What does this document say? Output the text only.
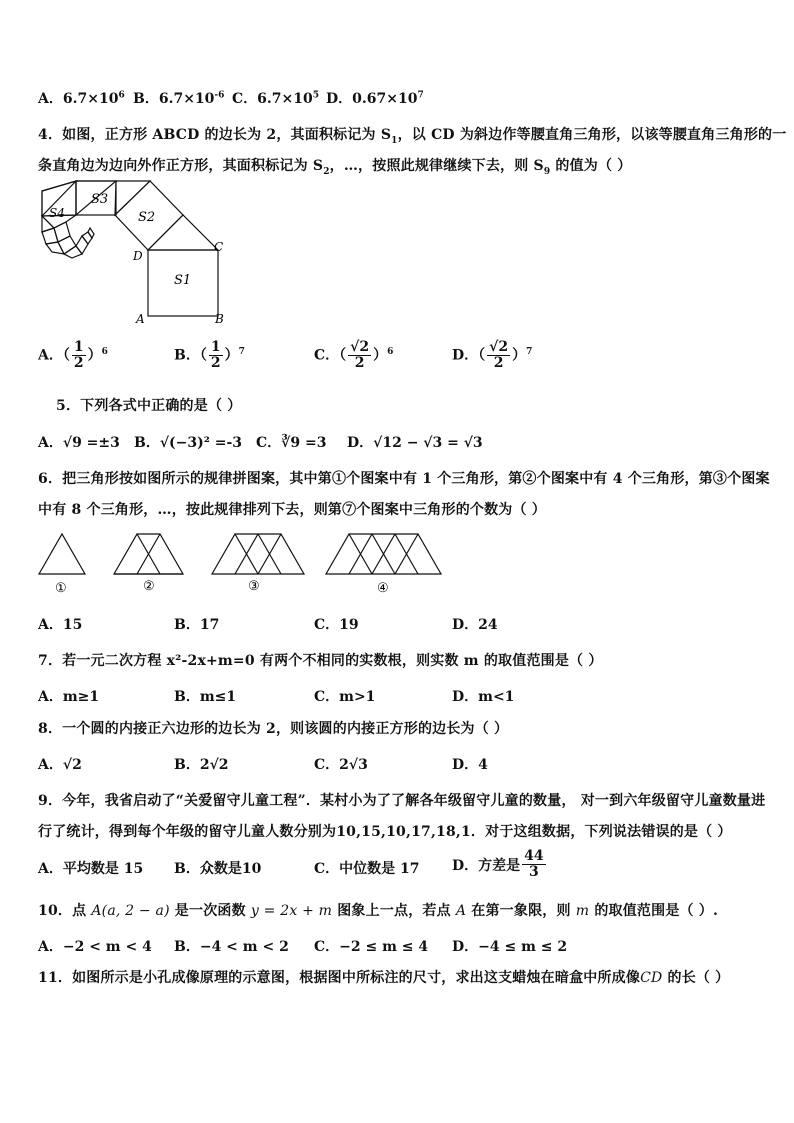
A．$6.7\times 10^6$ B．$6.7\times 10^{-6}$ C．$6.7\times 10^5$ D．$0.67\times 10^7$
4．如图，正方形 ABCD 的边长为 2，其面积标记为 $S_1$，以 CD 为斜边作等腰直角三角形，以该等腰直角三角形的一
条直角边为边向外作正方形，其面积标记为 $S_2$，…，按照此规律继续下去，则 $S_9$ 的值为（ ）
S3
S2
S4
S1
A	B
C
D
A．（ $\frac{1}{2} )^6$	B．（ $\frac{1}{2} )^7$	C．（ $\frac{√2}{2} )^6$	D．（ $\frac{√2}{2} )^7$
5．下列各式中正确的是（ ）
A．√9 =±3 B．√(−3)² =-3 C．∛9 =3 D．√12 − √3 = √3
6．把三角形按如图所示的规律拼图案，其中第①个图案中有 1 个三角形，第②个图案中有 4 个三角形，第③个图案
中有 8 个三角形，…，按此规律排列下去，则第⑦个图案中三角形的个数为（ ）
①	②	③	④
A．15	B．17	C．19	D．24
7．若一元二次方程 x²-2x+m=0 有两个不相同的实数根，则实数 m 的取值范围是（ ）
A．m≥1	B．m≤1	C．m>1	D．m<1
8．一个圆的内接正六边形的边长为 2，则该圆的内接正方形的边长为（ ）
A．√2	B．2√2	C．2√3	D．4
9．今年，我省启动了“关爱留守儿童工程”．某村小为了了解各年级留守儿童的数量， 对一到六年级留守儿童数量进
行了统计，得到每个年级的留守儿童人数分别为10,15,10,17,18,1．对于这组数据，下列说法错误的是（ ）
A．平均数是 15 B．众数是10	C．中位数是 17 D．方差是 $\frac{44}{3}$
10．点 A(a, 2 − a) 是一次函数 y = 2x + m 图象上一点，若点 A 在第一象限，则 m 的取值范围是（ ）.
A．−2 < m < 4 B．−4 < m < 2 C．−2 ≤ m ≤ 4 D．−4 ≤ m ≤ 2
11．如图所示是小孔成像原理的示意图，根据图中所标注的尺寸，求出这支蜡烛在暗盒中所成像CD 的长（ ）
